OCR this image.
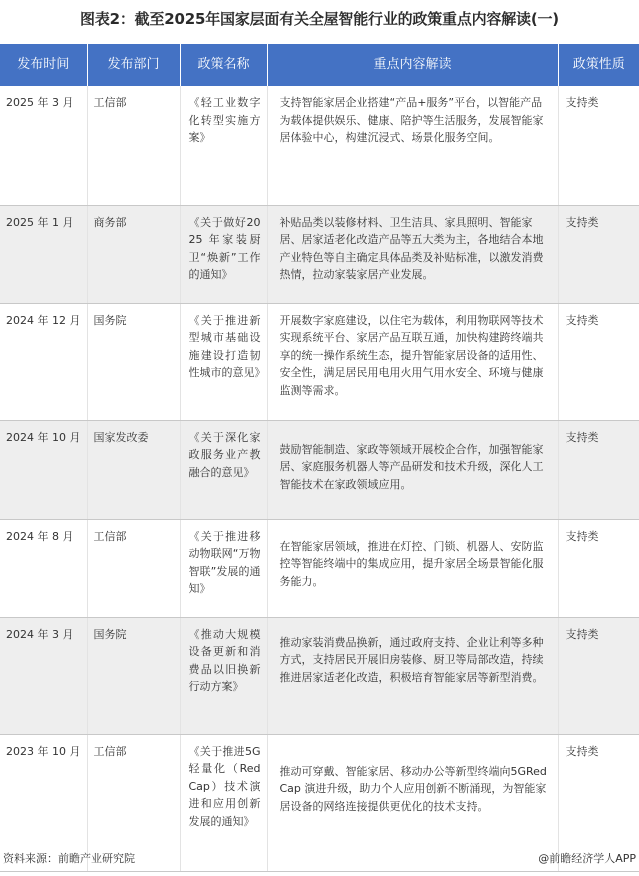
图表2：截至2025年国家层面有关全屋智能行业的政策重点内容解读(一)
发布时间	发布部门	政策名称	重点内容解读	政策性质
2025 年 3 月	工信部	《轻工业数字化转型实施方案》	支持智能家居企业搭建“产品+服务”平台，以智能产品为载体提供娱乐、健康、陪护等生活服务，发展智能家居体验中心，构建沉浸式、场景化服务空间。	支持类
2025 年 1 月	商务部	《关于做好2025 年家装厨卫“焕新”工作的通知》	补贴品类以装修材料、卫生洁具、家具照明、智能家居、居家适老化改造产品等五大类为主，各地结合本地产业特色等自主确定具体品类及补贴标准，以激发消费热情，拉动家装家居产业发展。	支持类
2024 年 12 月	国务院	《关于推进新型城市基础设施建设打造韧性城市的意见》	开展数字家庭建设，以住宅为载体，利用物联网等技术实现系统平台、家居产品互联互通，加快构建跨终端共享的统一操作系统生态，提升智能家居设备的适用性、安全性，满足居民用电用火用气用水安全、环境与健康监测等需求。	支持类
2024 年 10 月	国家发改委	《关于深化家政服务业产教融合的意见》	鼓励智能制造、家政等领域开展校企合作，加强智能家居、家庭服务机器人等产品研发和技术升级，深化人工智能技术在家政领域应用。	支持类
2024 年 8 月	工信部	《关于推进移动物联网“万物智联”发展的通知》	在智能家居领域，推进在灯控、门锁、机器人、安防监控等智能终端中的集成应用，提升家居全场景智能化服务能力。	支持类
2024 年 3 月	国务院	《推动大规模设备更新和消费品以旧换新行动方案》	推动家装消费品换新，通过政府支持、企业让利等多种方式，支持居民开展旧房装修、厨卫等局部改造，持续推进居家适老化改造，积极培育智能家居等新型消费。	支持类
2023 年 10 月	工信部	《关于推进5G 轻量化（RedCap）技术演进和应用创新发展的通知》	推动可穿戴、智能家居、移动办公等新型终端向5GRedCap 演进升级，助力个人应用创新不断涌现，为智能家居设备的网络连接提供更优化的技术支持。	支持类
资料来源：前瞻产业研究院	@前瞻经济学人APP
